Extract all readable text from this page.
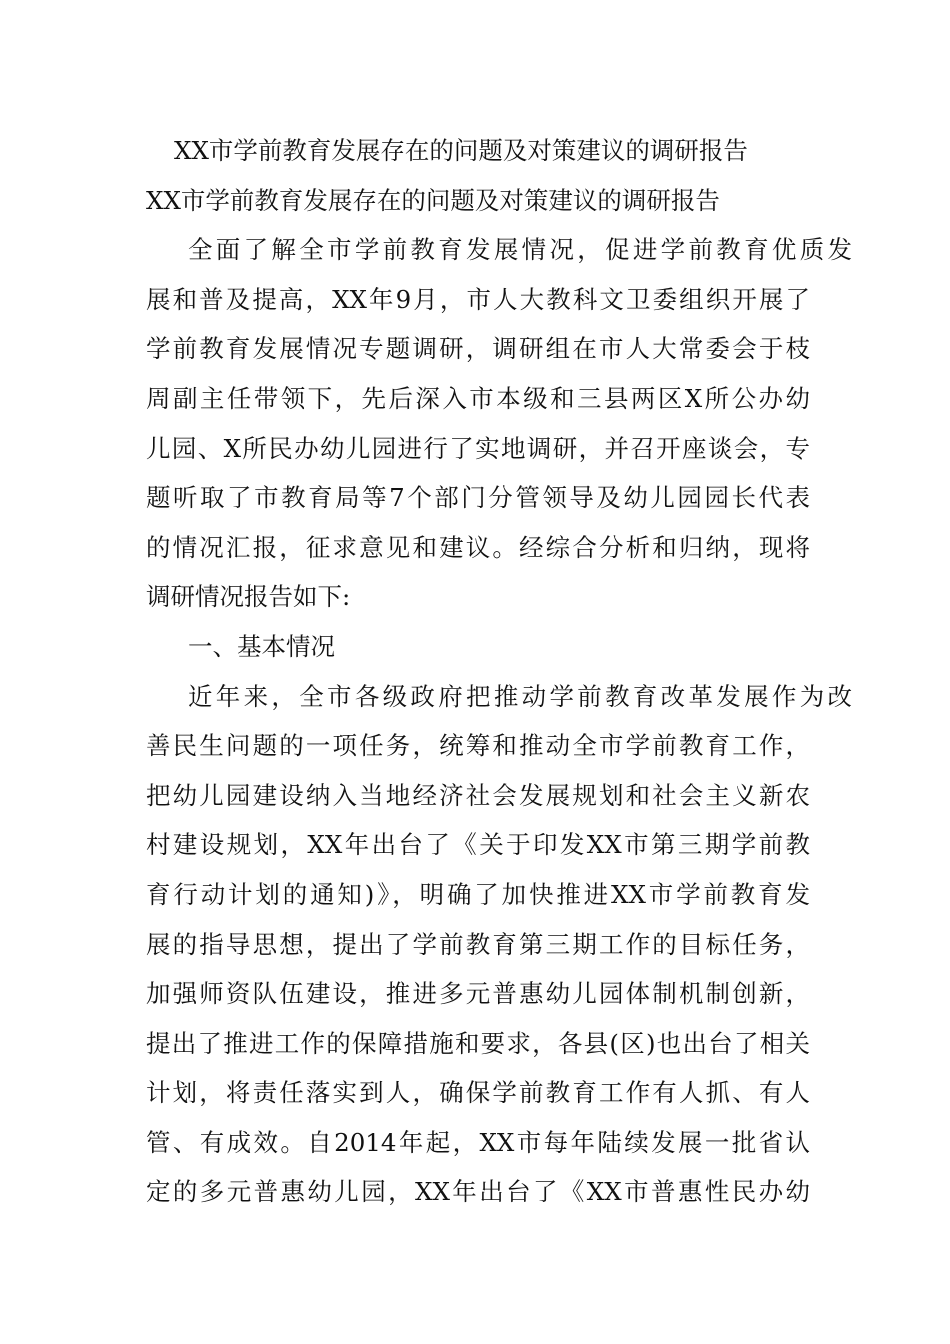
XX市学前教育发展存在的问题及对策建议的调研报告
XX市学前教育发展存在的问题及对策建议的调研报告
全面了解全市学前教育发展情况，促进学前教育优质发
展和普及提高，XX年9月，市人大教科文卫委组织开展了
学前教育发展情况专题调研，调研组在市人大常委会于枝
周副主任带领下，先后深入市本级和三县两区X所公办幼
儿园、X所民办幼儿园进行了实地调研，并召开座谈会，专
题听取了市教育局等7个部门分管领导及幼儿园园长代表
的情况汇报，征求意见和建议。经综合分析和归纳，现将
调研情况报告如下:
一、基本情况
近年来，全市各级政府把推动学前教育改革发展作为改
善民生问题的一项任务，统筹和推动全市学前教育工作，
把幼儿园建设纳入当地经济社会发展规划和社会主义新农
村建设规划，XX年出台了《关于印发XX市第三期学前教
育行动计划的通知)》，明确了加快推进XX市学前教育发
展的指导思想，提出了学前教育第三期工作的目标任务，
加强师资队伍建设，推进多元普惠幼儿园体制机制创新，
提出了推进工作的保障措施和要求，各县(区)也出台了相关
计划，将责任落实到人，确保学前教育工作有人抓、有人
管、有成效。自2014年起，XX市每年陆续发展一批省认
定的多元普惠幼儿园，XX年出台了《XX市普惠性民办幼
